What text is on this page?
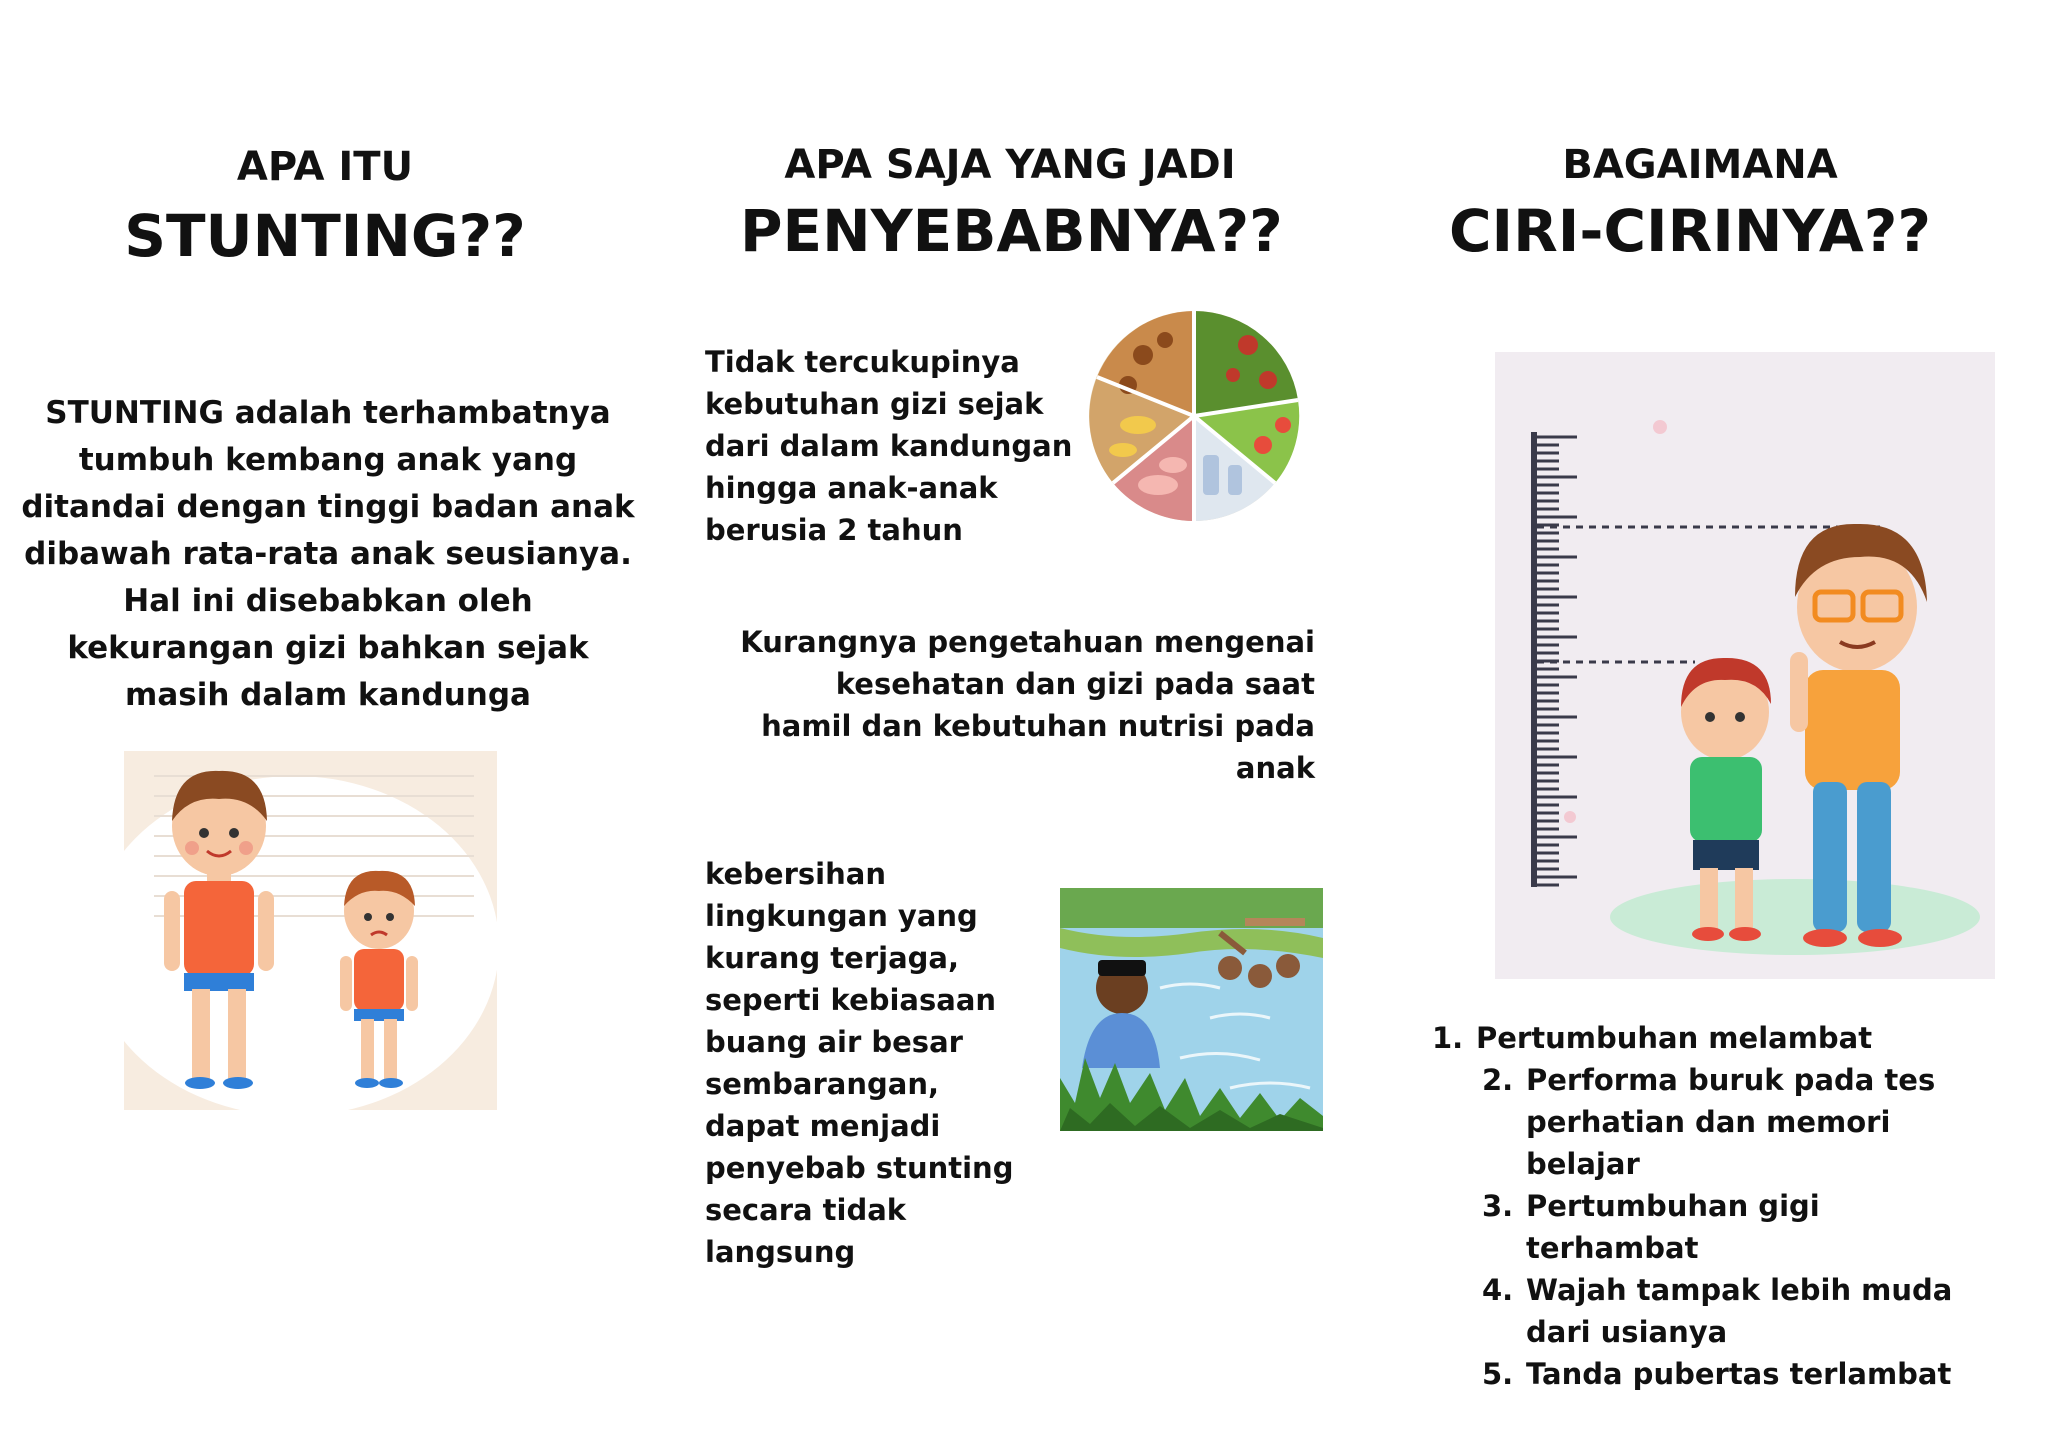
APA ITU
STUNTING??
STUNTING adalah terhambatnya tumbuh kembang anak yang ditandai dengan tinggi badan anak dibawah rata-rata anak seusianya. Hal ini disebabkan oleh kekurangan gizi bahkan sejak masih dalam kandunga
APA SAJA YANG JADI
PENYEBABNYA??
Tidak tercukupinya kebutuhan gizi sejak dari dalam kandungan hingga anak-anak berusia 2 tahun
Kurangnya pengetahuan mengenai kesehatan dan gizi pada saat hamil dan kebutuhan nutrisi pada anak
kebersihan lingkungan yang kurang terjaga, seperti kebiasaan buang air besar sembarangan, dapat menjadi penyebab stunting secara tidak langsung
BAGAIMANA
CIRI-CIRINYA??
1. Pertumbuhan melambat
2. Performa buruk pada tes perhatian dan memori belajar
3. Pertumbuhan gigi terhambat
4. Wajah tampak lebih muda dari usianya
5. Tanda pubertas terlambat
